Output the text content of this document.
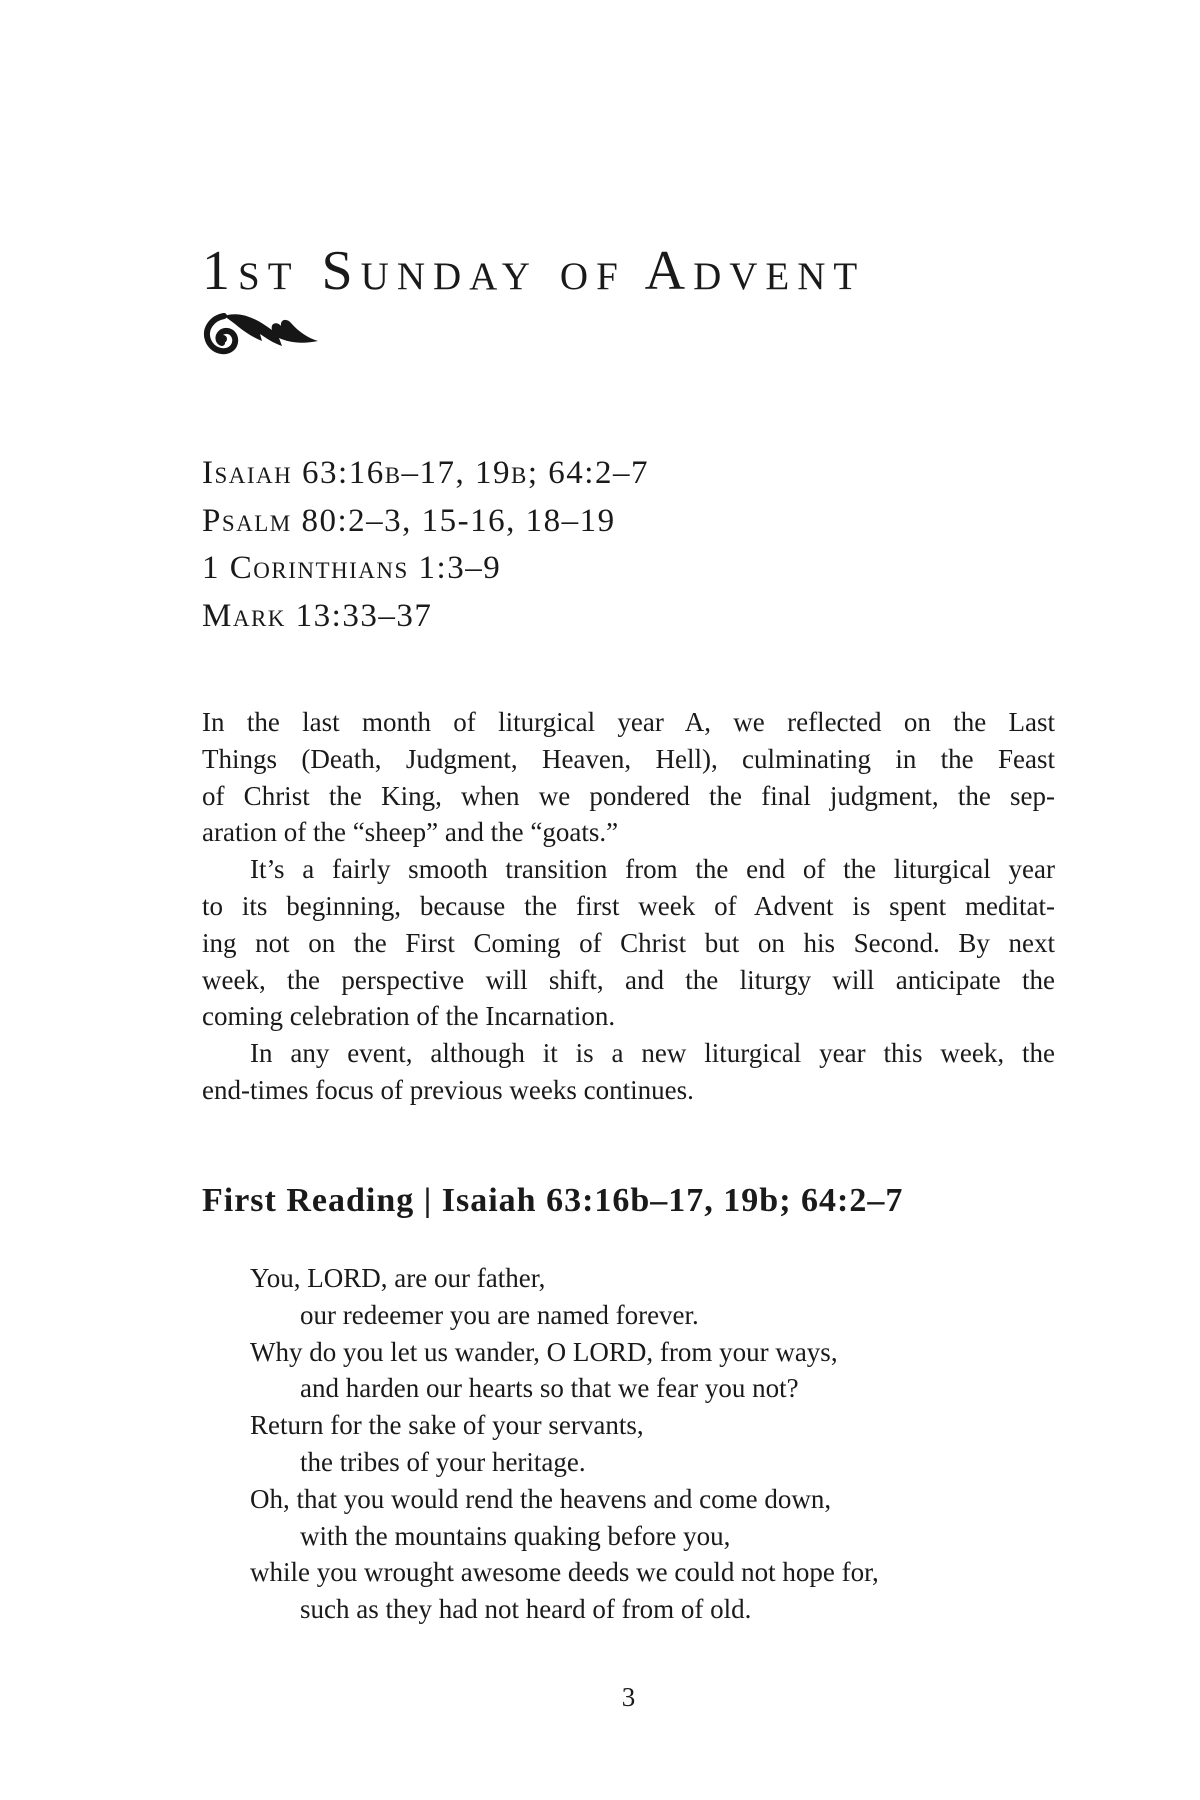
1st Sunday of Advent
Isaiah 63:16b–17, 19b; 64:2–7
Psalm 80:2–3, 15-16, 18–19
1 Corinthians 1:3–9
Mark 13:33–37
In the last month of liturgical year A, we reflected on the Last
Things (Death, Judgment, Heaven, Hell), culminating in the Feast
of Christ the King, when we pondered the final judgment, the sep-
aration of the “sheep” and the “goats.”
It’s a fairly smooth transition from the end of the liturgical year
to its beginning, because the first week of Advent is spent meditat-
ing not on the First Coming of Christ but on his Second. By next
week, the perspective will shift, and the liturgy will anticipate the
coming celebration of the Incarnation.
In any event, although it is a new liturgical year this week, the
end-times focus of previous weeks continues.
First Reading | Isaiah 63:16b–17, 19b; 64:2–7
You, LORD, are our father,
our redeemer you are named forever.
Why do you let us wander, O LORD, from your ways,
and harden our hearts so that we fear you not?
Return for the sake of your servants,
the tribes of your heritage.
Oh, that you would rend the heavens and come down,
with the mountains quaking before you,
while you wrought awesome deeds we could not hope for,
such as they had not heard of from of old.
3
